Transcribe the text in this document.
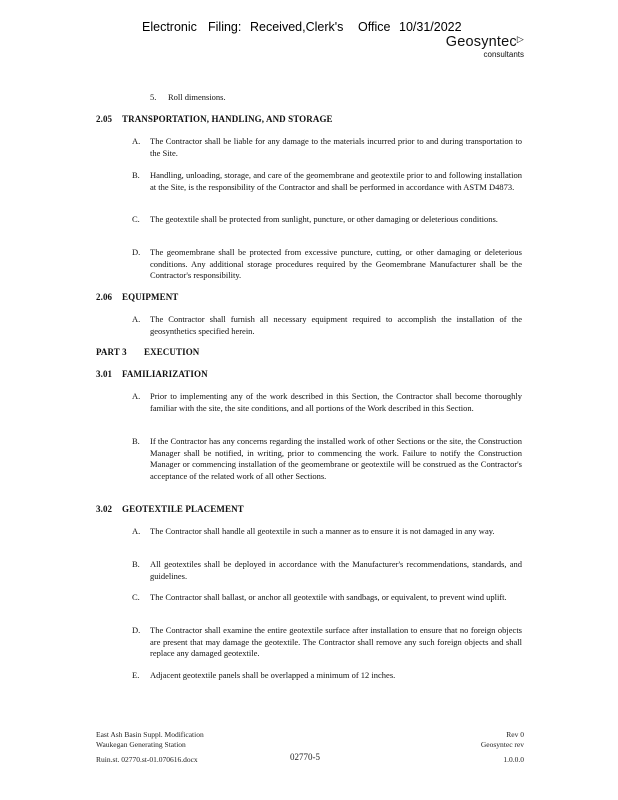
Electronic

Filing:

Received,Clerk's

Office

10/31/2022

Geosyntec▷
consultants
5. Roll dimensions.
2.05 TRANSPORTATION, HANDLING, AND STORAGE
A. The Contractor shall be liable for any damage to the materials incurred prior to and during transportation to the Site.
B. Handling, unloading, storage, and care of the geomembrane and geotextile prior to and following installation at the Site, is the responsibility of the Contractor and shall be performed in accordance with ASTM D4873.
C. The geotextile shall be protected from sunlight, puncture, or other damaging or deleterious conditions.
D. The geomembrane shall be protected from excessive puncture, cutting, or other damaging or deleterious conditions. Any additional storage procedures required by the Geomembrane Manufacturer shall be the Contractor's responsibility.
2.06 EQUIPMENT
A. The Contractor shall furnish all necessary equipment required to accomplish the installation of the geosynthetics specified herein.
PART 3 EXECUTION
3.01 FAMILIARIZATION
A. Prior to implementing any of the work described in this Section, the Contractor shall become thoroughly familiar with the site, the site conditions, and all portions of the Work described in this Section.
B. If the Contractor has any concerns regarding the installed work of other Sections or the site, the Construction Manager shall be notified, in writing, prior to commencing the work. Failure to notify the Construction Manager or commencing installation of the geomembrane or geotextile will be construed as the Contractor's acceptance of the related work of all other Sections.
3.02 GEOTEXTILE PLACEMENT
A. The Contractor shall handle all geotextile in such a manner as to ensure it is not damaged in any way.
B. All geotextiles shall be deployed in accordance with the Manufacturer's recommendations, standards, and guidelines.
C. The Contractor shall ballast, or anchor all geotextile with sandbags, or equivalent, to prevent wind uplift.
D. The Contractor shall examine the entire geotextile surface after installation to ensure that no foreign objects are present that may damage the geotextile. The Contractor shall remove any such foreign objects and shall replace any damaged geotextile.
E. Adjacent geotextile panels shall be overlapped a minimum of 12 inches.
East Ash Basin Suppl. Modification
Waukegan Generating Station
Ruin.st. 02770.st-01.070616.docx	02770-5
Rev 0
Geosyntec rev
1.0.0.0
